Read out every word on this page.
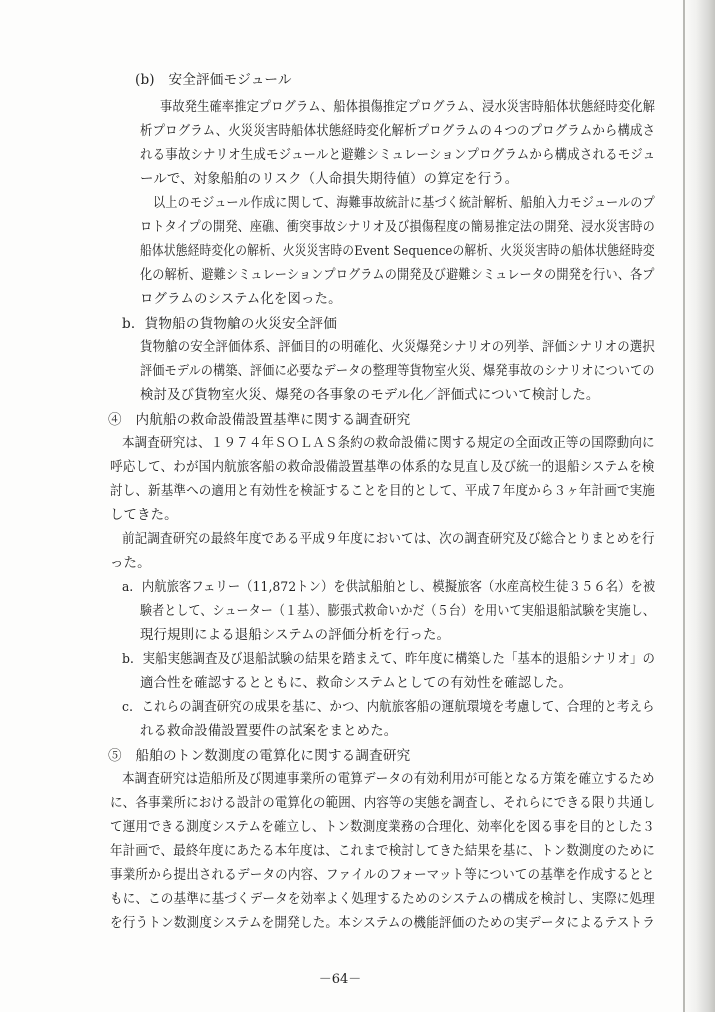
(b)　安全評価モジュール
事故発生確率推定プログラム、船体損傷推定プログラム、浸水災害時船体状態経時変化解
析プログラム、火災災害時船体状態経時変化解析プログラムの４つのプログラムから構成さ
れる事故シナリオ生成モジュールと避難シミュレーションプログラムから構成されるモジュ
ールで、対象船舶のリスク（人命損失期待値）の算定を行う。
以上のモジュール作成に関して、海難事故統計に基づく統計解析、船舶入力モジュールのプ
ロトタイプの開発、座礁、衝突事故シナリオ及び損傷程度の簡易推定法の開発、浸水災害時の
船体状態経時変化の解析、火災災害時のEvent Sequenceの解析、火災災害時の船体状態経時変
化の解析、避難シミュレーションプログラムの開発及び避難シミュレータの開発を行い、各プ
ログラムのシステム化を図った。
b．貨物船の貨物艙の火災安全評価
貨物艙の安全評価体系、評価目的の明確化、火災爆発シナリオの列挙、評価シナリオの選択
評価モデルの構築、評価に必要なデータの整理等貨物室火災、爆発事故のシナリオについての
検討及び貨物室火災、爆発の各事象のモデル化／評価式について検討した。
④　内航船の救命設備設置基準に関する調査研究
本調査研究は、１９７４年ＳＯＬＡＳ条約の救命設備に関する規定の全面改正等の国際動向に
呼応して、わが国内航旅客船の救命設備設置基準の体系的な見直し及び統一的退船システムを検
討し、新基準への適用と有効性を検証することを目的として、平成７年度から３ヶ年計画で実施
してきた。
前記調査研究の最終年度である平成９年度においては、次の調査研究及び総合とりまとめを行
った。
a．内航旅客フェリー（11,872トン）を供試船舶とし、模擬旅客（水産高校生徒３５６名）を被
験者として、シューター（１基）、膨張式救命いかだ（５台）を用いて実船退船試験を実施し、
現行規則による退船システムの評価分析を行った。
b．実船実態調査及び退船試験の結果を踏まえて、昨年度に構築した「基本的退船シナリオ」の
適合性を確認するとともに、救命システムとしての有効性を確認した。
c．これらの調査研究の成果を基に、かつ、内航旅客船の運航環境を考慮して、合理的と考えら
れる救命設備設置要件の試案をまとめた。
⑤　船舶のトン数測度の電算化に関する調査研究
本調査研究は造船所及び関連事業所の電算データの有効利用が可能となる方策を確立するため
に、各事業所における設計の電算化の範囲、内容等の実態を調査し、それらにできる限り共通し
て運用できる測度システムを確立し、トン数測度業務の合理化、効率化を図る事を目的とした３
年計画で、最終年度にあたる本年度は、これまで検討してきた結果を基に、トン数測度のために
事業所から提出されるデータの内容、ファイルのフォーマット等についての基準を作成するとと
もに、この基準に基づくデータを効率よく処理するためのシステムの構成を検討し、実際に処理
を行うトン数測度システムを開発した。本システムの機能評価のための実データによるテストラ
－64－
